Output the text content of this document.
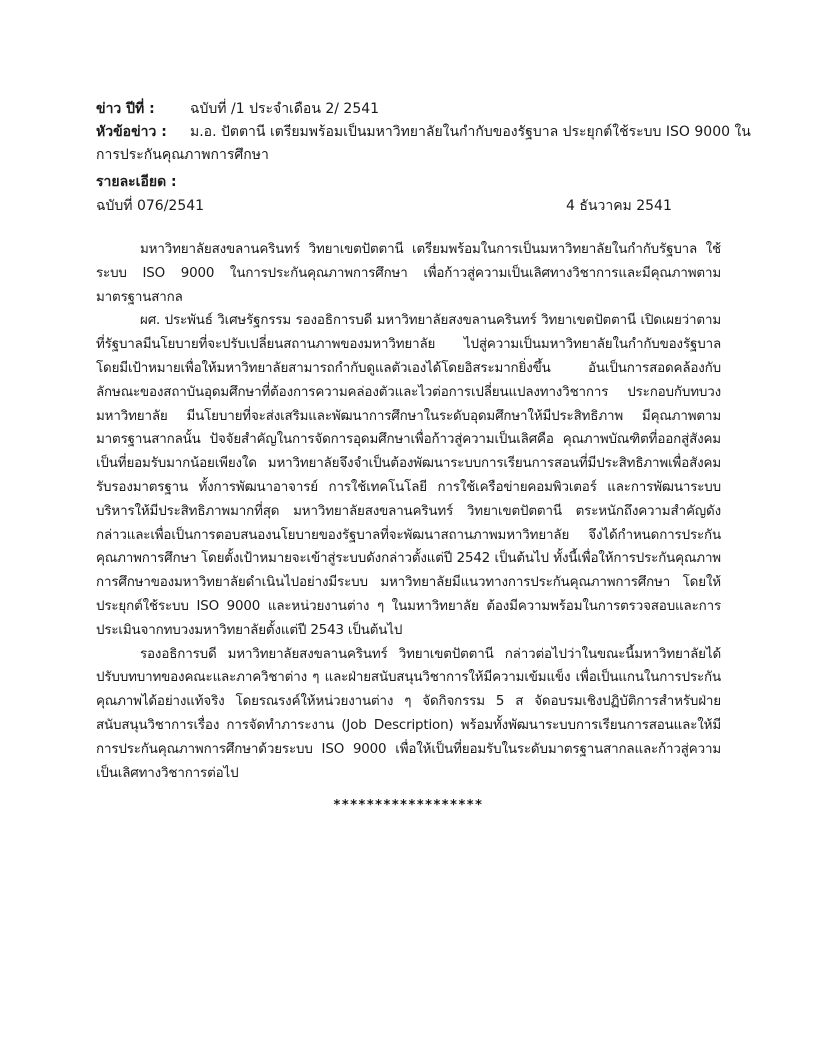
ข่าว ปีที่ :	ฉบับที่ /1 ประจำเดือน 2/ 2541
หัวข้อข่าว :	ม.อ. ปัตตานี เตรียมพร้อมเป็นมหาวิทยาลัยในกำกับของรัฐบาล ประยุกต์ใช้ระบบ ISO 9000 ใน
การประกันคุณภาพการศึกษา
รายละเอียด :
ฉบับที่ 076/2541	4 ธันวาคม 2541

มหาวิทยาลัยสงขลานครินทร์ วิทยาเขตปัตตานี เตรียมพร้อมในการเป็นมหาวิทยาลัยในกำกับรัฐบาล ใช้ระบบ ISO 9000 ในการประกันคุณภาพการศึกษา เพื่อก้าวสู่ความเป็นเลิศทางวิชาการและมีคุณภาพตามมาตรฐานสากล

ผศ. ประพันธ์ วิเศษรัฐกรรม รองอธิการบดี มหาวิทยาลัยสงขลานครินทร์ วิทยาเขตปัตตานี เปิดเผยว่าตามที่รัฐบาลมีนโยบายที่จะปรับเปลี่ยนสถานภาพของมหาวิทยาลัย ไปสู่ความเป็นมหาวิทยาลัยในกำกับของรัฐบาล โดยมีเป้าหมายเพื่อให้มหาวิทยาลัยสามารถกำกับดูแลตัวเองได้โดยอิสระมากยิ่งขึ้น อันเป็นการสอดคล้องกับลักษณะของสถาบันอุดมศึกษาที่ต้องการความคล่องตัวและไวต่อการเปลี่ยนแปลงทางวิชาการ ประกอบกับทบวงมหาวิทยาลัย มีนโยบายที่จะส่งเสริมและพัฒนาการศึกษาในระดับอุดมศึกษาให้มีประสิทธิภาพ มีคุณภาพตามมาตรฐานสากลนั้น ปัจจัยสำคัญในการจัดการอุดมศึกษาเพื่อก้าวสู่ความเป็นเลิศคือ คุณภาพบัณฑิตที่ออกสู่สังคมเป็นที่ยอมรับมากน้อยเพียงใด มหาวิทยาลัยจึงจำเป็นต้องพัฒนาระบบการเรียนการสอนที่มีประสิทธิภาพเพื่อสังคมรับรองมาตรฐาน ทั้งการพัฒนาอาจารย์ การใช้เทคโนโลยี การใช้เครือข่ายคอมพิวเตอร์ และการพัฒนาระบบบริหารให้มีประสิทธิภาพมากที่สุด มหาวิทยาลัยสงขลานครินทร์ วิทยาเขตปัตตานี ตระหนักถึงความสำคัญดังกล่าวและเพื่อเป็นการตอบสนองนโยบายของรัฐบาลที่จะพัฒนาสถานภาพมหาวิทยาลัย จึงได้กำหนดการประกันคุณภาพการศึกษา โดยตั้งเป้าหมายจะเข้าสู่ระบบดังกล่าวตั้งแต่ปี 2542 เป็นต้นไป ทั้งนี้เพื่อให้การประกันคุณภาพการศึกษาของมหาวิทยาลัยดำเนินไปอย่างมีระบบ มหาวิทยาลัยมีแนวทางการประกันคุณภาพการศึกษา โดยให้ประยุกต์ใช้ระบบ ISO 9000 และหน่วยงานต่าง ๆ ในมหาวิทยาลัย ต้องมีความพร้อมในการตรวจสอบและการประเมินจากทบวงมหาวิทยาลัยตั้งแต่ปี 2543 เป็นต้นไป

รองอธิการบดี มหาวิทยาลัยสงขลานครินทร์ วิทยาเขตปัตตานี กล่าวต่อไปว่าในขณะนี้มหาวิทยาลัยได้ปรับบทบาทของคณะและภาควิชาต่าง ๆ และฝ่ายสนับสนุนวิชาการให้มีความเข้มแข็ง เพื่อเป็นแกนในการประกันคุณภาพได้อย่างแท้จริง โดยรณรงค์ให้หน่วยงานต่าง ๆ จัดกิจกรรม 5 ส จัดอบรมเชิงปฏิบัติการสำหรับฝ่ายสนับสนุนวิชาการเรื่อง การจัดทำภาระงาน (Job Description) พร้อมทั้งพัฒนาระบบการเรียนการสอนและให้มีการประกันคุณภาพการศึกษาด้วยระบบ ISO 9000 เพื่อให้เป็นที่ยอมรับในระดับมาตรฐานสากลและก้าวสู่ความเป็นเลิศทางวิชาการต่อไป

******************
